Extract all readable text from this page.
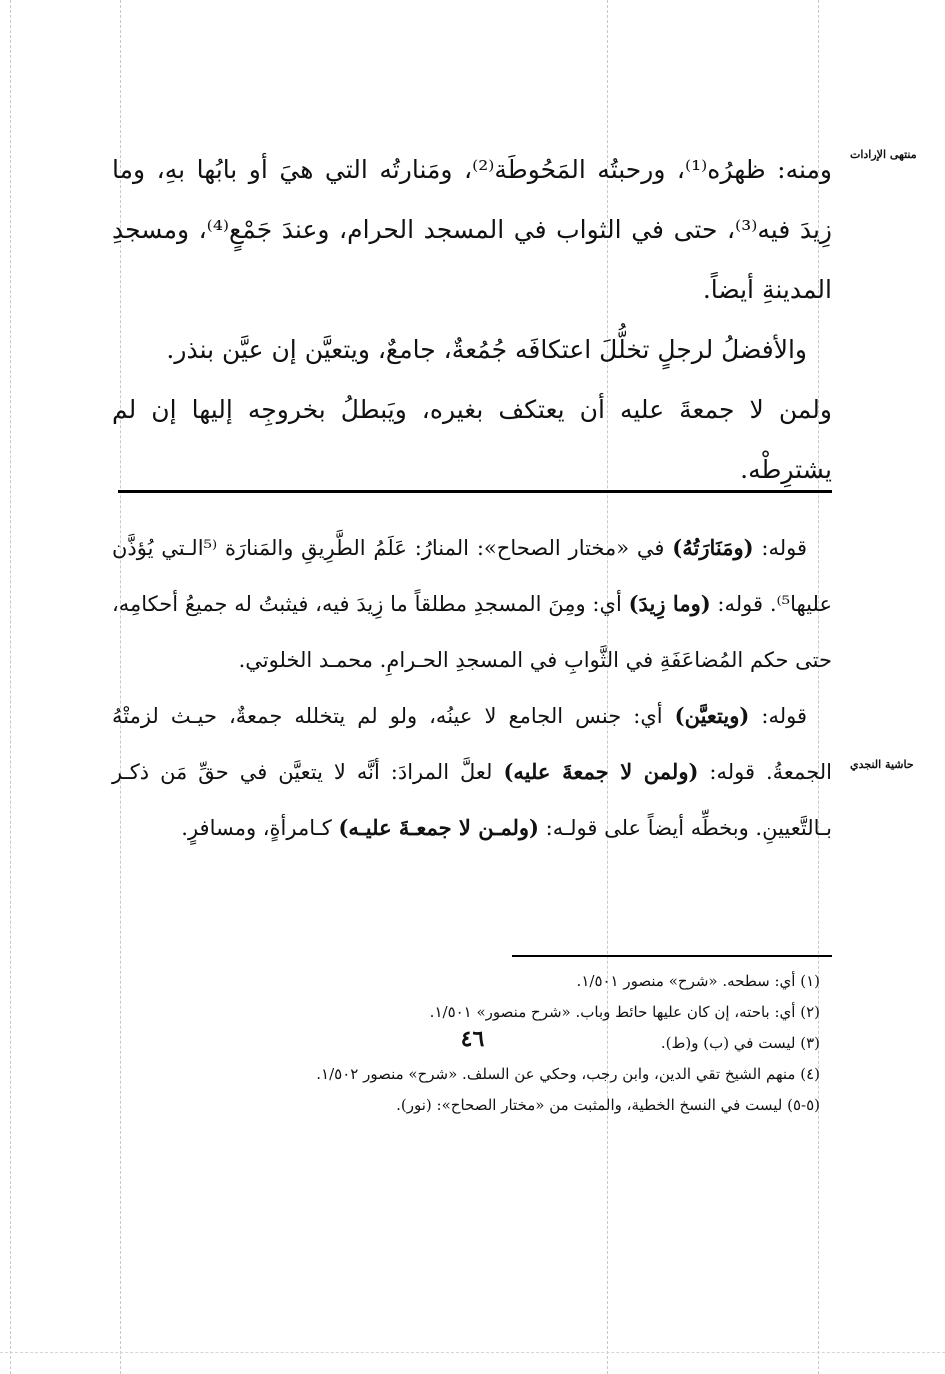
منتهى الإرادات
حاشية النجدي

ومنه: ظهرُه⁽¹⁾، ورحبتُه المَحُوطَة⁽²⁾، ومَنارتُه التي هيَ أو بابُها بهِ، وما زِيدَ فيه⁽³⁾، حتى في الثواب في المسجد الحرام، وعندَ جَمْعٍ⁽⁴⁾، ومسجدِ المدينةِ أيضاً.

والأفضلُ لرجلٍ تخلُّلَ اعتكافَه جُمُعةٌ، جامعٌ، ويتعيَّن إن عيَّن بنذر.

ولمن لا جمعةَ عليه أن يعتكف بغيره، ويَبطلُ بخروجِه إليها إن لم يشترِطْه.

قوله: (ومَنَارَتُهُ) في «مختار الصحاح»: المنارُ: عَلَمُ الطَّرِيقِ والمَنارَة ⁽⁵الـتي يُؤذَّن عليها⁵⁾. قوله: (وما زِيدَ) أي: ومِنَ المسجدِ مطلقاً ما زِيدَ فيه، فيثبتُ له جميعُ أحكامِه، حتى حكم المُضاعَفَةِ في الثَّوابِ في المسجدِ الحـرامِ. محمـد الخلوتي.

قوله: (ويتعيَّن) أي: جنس الجامع لا عينُه، ولو لم يتخلله جمعةٌ، حيـث لزمتْهُ الجمعةُ. قوله: (ولمن لا جمعةَ عليه) لعلَّ المرادَ: أنَّه لا يتعيَّن في حقِّ مَن ذكـر بـالتَّعيينِ. وبخطِّه أيضاً على قولـه: (ولمـن لا جمعـةَ عليـه) كـامرأةٍ، ومسافرٍ.

(١) أي: سطحه. «شرح» منصور ١/٥٠١.

(٢) أي: باحته، إن كان عليها حائط وباب. «شرح منصور» ١/٥٠١.

(٣) ليست في (ب) و(ط).

(٤) منهم الشيخ تقي الدين، وابن رجب، وحكي عن السلف. «شرح» منصور ١/٥٠٢.

(٥-٥) ليست في النسخ الخطية، والمثبت من «مختار الصحاح»: (نور).

٤٦
